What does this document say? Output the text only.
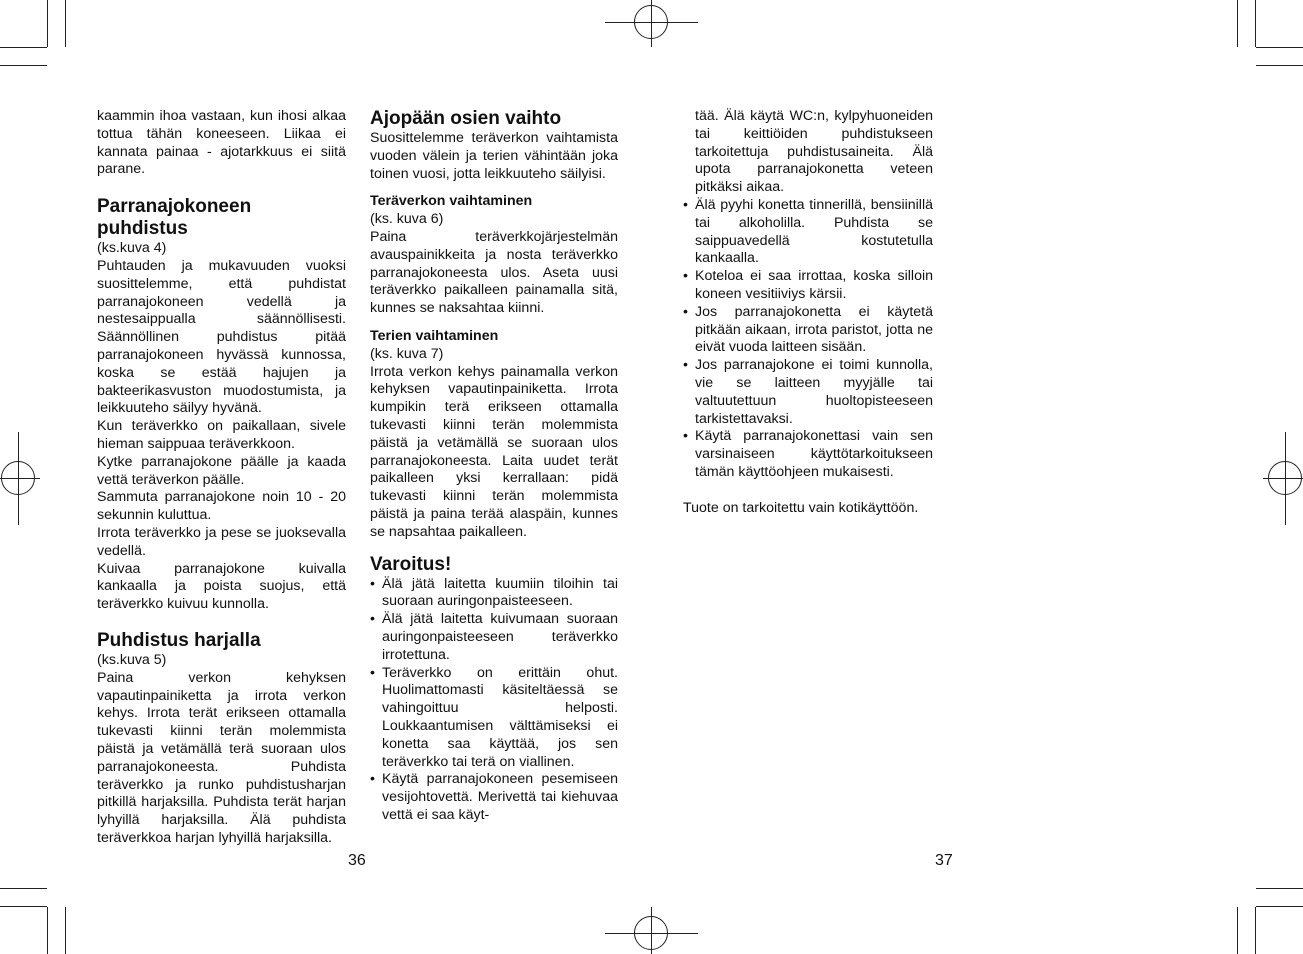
kaammin ihoa vastaan, kun ihosi alkaa tottua tähän koneeseen. Liikaa ei kannata painaa - ajotarkkuus ei siitä parane.

Parranajokoneen puhdistus

(ks.kuva 4)

Puhtauden ja mukavuuden vuoksi suosittelemme, että puhdistat parranajokoneen vedellä ja nestesaippualla säännöllisesti. Säännöllinen puhdistus pitää parranajokoneen hyvässä kunnossa, koska se estää hajujen ja bakteerikasvuston muodostumista, ja leikkuuteho säilyy hyvänä.

Kun teräverkko on paikallaan, sivele hieman saippuaa teräverkkoon.

Kytke parranajokone päälle ja kaada vettä teräverkon päälle.

Sammuta parranajokone noin 10 - 20 sekunnin kuluttua.

Irrota teräverkko ja pese se juoksevalla vedellä.

Kuivaa parranajokone kuivalla kankaalla ja poista suojus, että teräverkko kuivuu kunnolla.

Puhdistus harjalla

(ks.kuva 5)

Paina verkon kehyksen vapautinpainiketta ja irrota verkon kehys. Irrota terät erikseen ottamalla tukevasti kiinni terän molemmista päistä ja vetämällä terä suoraan ulos parranajokoneesta. Puhdista teräverkko ja runko puhdistusharjan pitkillä harjaksilla. Puhdista terät harjan lyhyillä harjaksilla. Älä puhdista teräverkkoa harjan lyhyillä harjaksilla.

Ajopään osien vaihto

Suosittelemme teräverkon vaihtamista vuoden välein ja terien vähintään joka toinen vuosi, jotta leikkuuteho säilyisi.

Teräverkon vaihtaminen

(ks. kuva 6)

Paina teräverkkojärjestelmän avauspainikkeita ja nosta teräverkko parranajokoneesta ulos. Aseta uusi teräverkko paikalleen painamalla sitä, kunnes se naksahtaa kiinni.

Terien vaihtaminen

(ks. kuva 7)

Irrota verkon kehys painamalla verkon kehyksen vapautinpainiketta. Irrota kumpikin terä erikseen ottamalla tukevasti kiinni terän molemmista päistä ja vetämällä se suoraan ulos parranajokoneesta. Laita uudet terät paikalleen yksi kerrallaan: pidä tukevasti kiinni terän molemmista päistä ja paina terää alaspäin, kunnes se napsahtaa paikalleen.

Varoitus!
• Älä jätä laitetta kuumiin tiloihin tai suoraan auringonpaisteeseen.
• Älä jätä laitetta kuivumaan suoraan auringonpaisteeseen teräverkko irrotettuna.
• Teräverkko on erittäin ohut. Huolimattomasti käsiteltäessä se vahingoittuu helposti. Loukkaantumisen välttämiseksi ei konetta saa käyttää, jos sen teräverkko tai terä on viallinen.
• Käytä parranajokoneen pesemiseen vesijohtovettä. Merivettä tai kiehuvaa vettä ei saa käyt-

tää. Älä käytä WC:n, kylpyhuoneiden tai keittiöiden puhdistukseen tarkoitettuja puhdistusaineita. Älä upota parranajokonetta veteen pitkäksi aikaa.

• Älä pyyhi konetta tinnerillä, bensiinillä tai alkoholilla. Puhdista se saippuavedellä kostutetulla kankaalla.
• Koteloa ei saa irrottaa, koska silloin koneen vesitiiviys kärsii.
• Jos parranajokonetta ei käytetä pitkään aikaan, irrota paristot, jotta ne eivät vuoda laitteen sisään.
• Jos parranajokone ei toimi kunnolla, vie se laitteen myyjälle tai valtuutettuun huoltopisteeseen tarkistettavaksi.
• Käytä parranajokonettasi vain sen varsinaiseen käyttötarkoitukseen tämän käyttöohjeen mukaisesti.

Tuote on tarkoitettu vain kotikäyttöön.

36	37
